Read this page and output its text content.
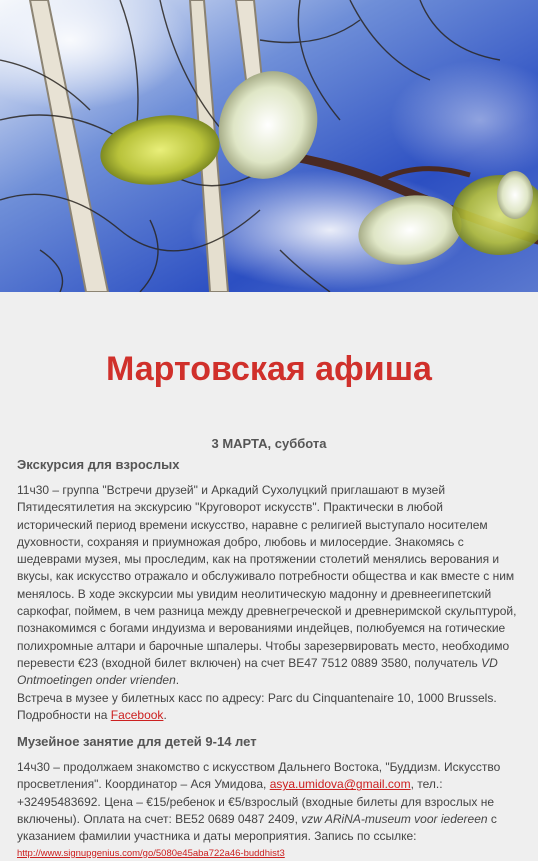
Мартовская афиша
3 МАРТА, суббота
Экскурсия для взрослых

11ч30 – группа "Встречи друзей" и Аркадий Сухолуцкий приглашают в музей Пятидесятилетия на экскурсию "Круговорот искусств". Практически в любой исторический период времени искусство, наравне с религией выступало носителем духовности, сохраняя и приумножая добро, любовь и милосердие. Знакомясь с шедеврами музея, мы проследим, как на протяжении столетий менялись верования и вкусы, как искусство отражало и обслуживало потребности общества и как вместе с ним менялось. В ходе экскурсии мы увидим неолитическую мадонну и древнеегипетский саркофаг, поймем, в чем разница между древнегреческой и древнеримской скульптурой, познакомимся с богами индуизма и верованиями индейцев, полюбуемся на готические полихромные алтари и барочные шпалеры. Чтобы зарезервировать место, необходимо перевести €23 (входной билет включен) на счет BE47 7512 0889 3580, получатель VD Ontmoetingen onder vrienden.

Встреча в музее у билетных касс по адресу: Parc du Cinquantenaire 10, 1000 Brussels.

Подробности на Facebook.

Музейное занятие для детей 9-14 лет

14ч30 – продолжаем знакомство с искусством Дальнего Востока, "Буддизм. Искусство просветления". Координатор – Ася Умидова, asya.umidova@gmail.com, тел.: +32495483692. Цена – €15/ребенок и €5/взрослый (входные билеты для взрослых не включены). Оплата на счет: BE52 0689 0487 2409, vzw ARiNA-museum voor iedereen с указанием фамилии участника и даты мероприятия. Запись по ссылке:

http://www.signupgenius.com/go/5080e45aba722a46-buddhist3
